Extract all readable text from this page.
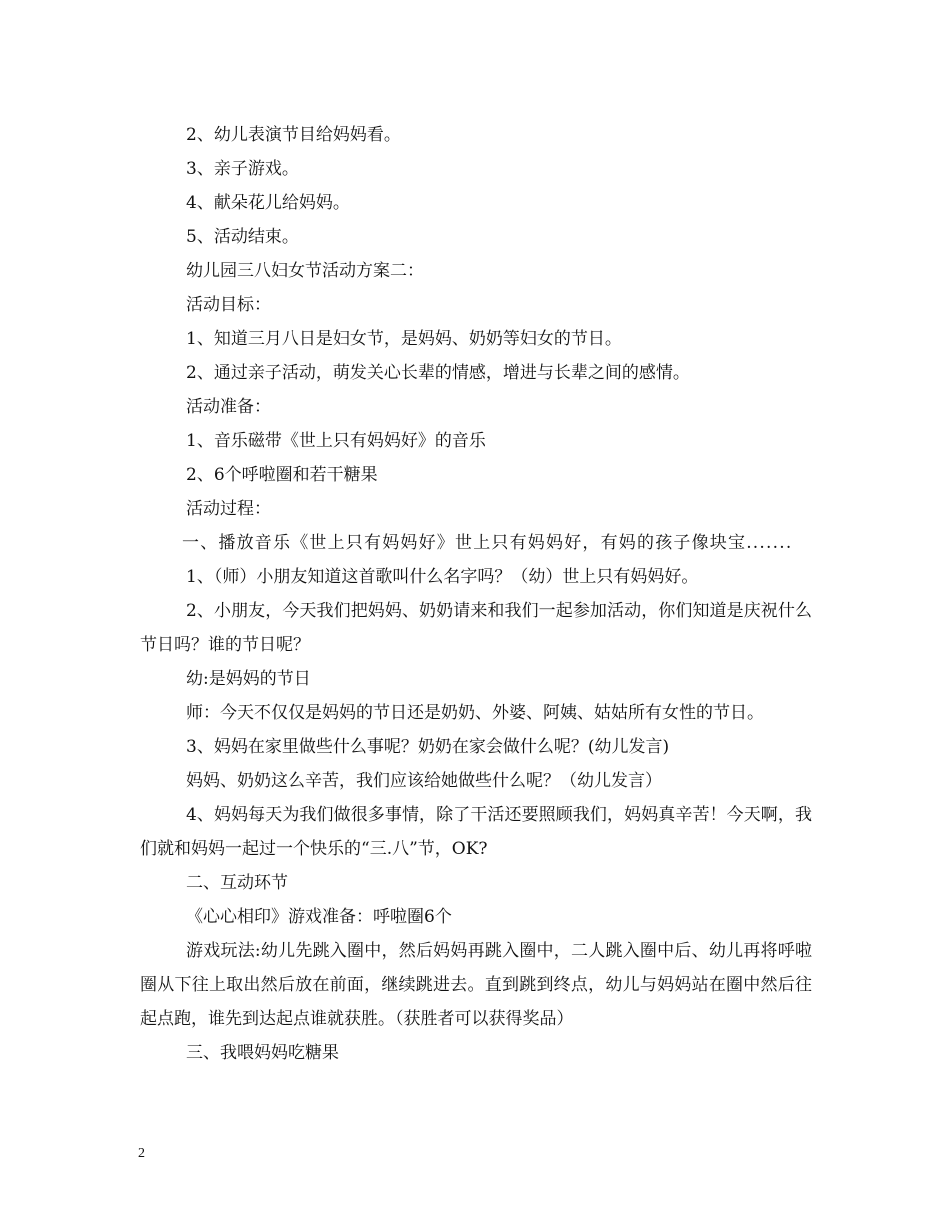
2、幼儿表演节目给妈妈看。

3、亲子游戏。

4、献朵花儿给妈妈。

5、活动结束。

幼儿园三八妇女节活动方案二：

活动目标：

1、知道三月八日是妇女节，是妈妈、奶奶等妇女的节日。

2、通过亲子活动，萌发关心长辈的情感，增进与长辈之间的感情。

活动准备：

1、音乐磁带《世上只有妈妈好》的音乐

2、6个呼啦圈和若干糖果

活动过程：

一、播放音乐《世上只有妈妈好》世上只有妈妈好，有妈的孩子像块宝.......

1、（师）小朋友知道这首歌叫什么名字吗？（幼）世上只有妈妈好。

2、小朋友，今天我们把妈妈、奶奶请来和我们一起参加活动，你们知道是庆祝什么节日吗？谁的节日呢？

幼:是妈妈的节日

师：今天不仅仅是妈妈的节日还是奶奶、外婆、阿姨、姑姑所有女性的节日。

3、妈妈在家里做些什么事呢？奶奶在家会做什么呢？(幼儿发言)

妈妈、奶奶这么辛苦，我们应该给她做些什么呢？（幼儿发言）

4、妈妈每天为我们做很多事情，除了干活还要照顾我们，妈妈真辛苦！今天啊，我们就和妈妈一起过一个快乐的“三.八”节，OK?

二、互动环节

《心心相印》游戏准备：呼啦圈6个

游戏玩法:幼儿先跳入圈中，然后妈妈再跳入圈中，二人跳入圈中后、幼儿再将呼啦圈从下往上取出然后放在前面，继续跳进去。直到跳到终点，幼儿与妈妈站在圈中然后往起点跑，谁先到达起点谁就获胜。（获胜者可以获得奖品）

三、我喂妈妈吃糖果

2
